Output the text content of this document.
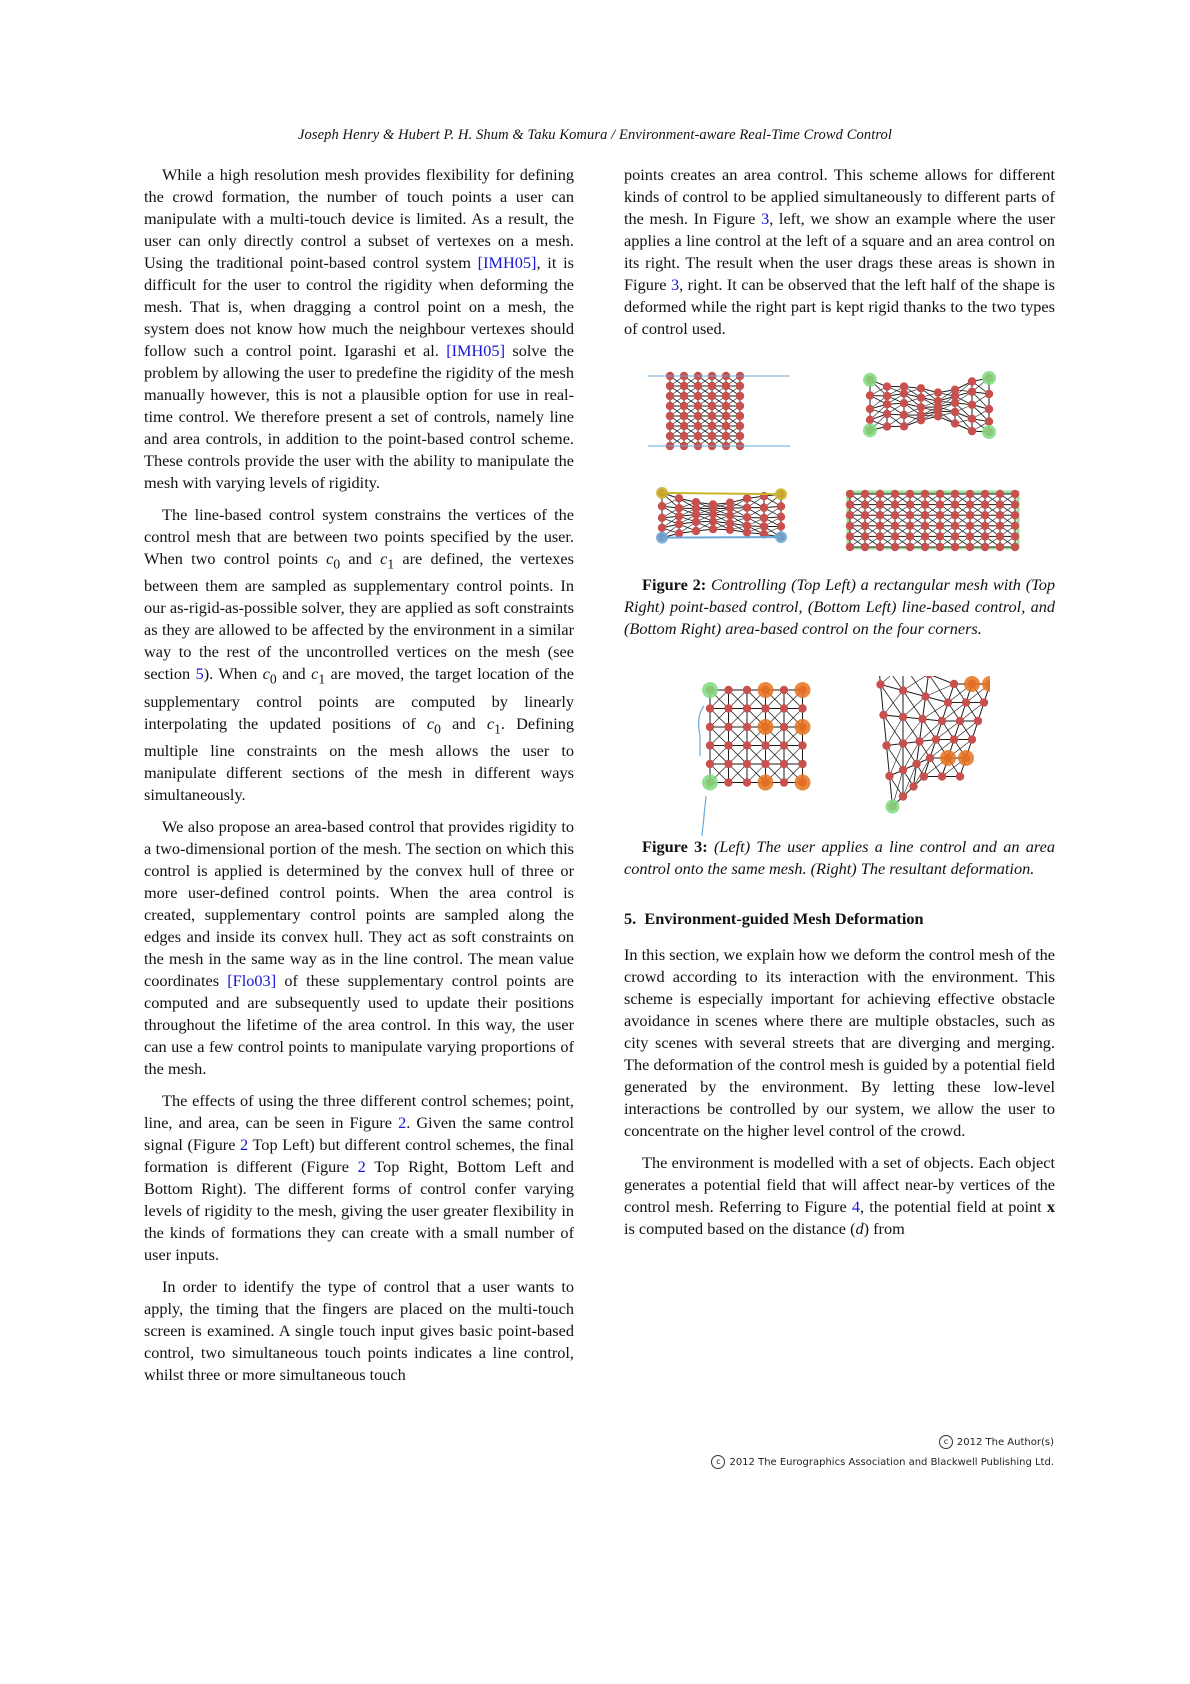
Joseph Henry & Hubert P. H. Shum & Taku Komura / Environment-aware Real-Time Crowd Control

While a high resolution mesh provides flexibility for defining the crowd formation, the number of touch points a user can manipulate with a multi-touch device is limited. As a result, the user can only directly control a subset of vertexes on a mesh. Using the traditional point-based control system [IMH05], it is difficult for the user to control the rigidity when deforming the mesh. That is, when dragging a control point on a mesh, the system does not know how much the neighbour vertexes should follow such a control point. Igarashi et al. [IMH05] solve the problem by allowing the user to predefine the rigidity of the mesh manually however, this is not a plausible option for use in real-time control. We therefore present a set of controls, namely line and area controls, in addition to the point-based control scheme. These controls provide the user with the ability to manipulate the mesh with varying levels of rigidity.

The line-based control system constrains the vertices of the control mesh that are between two points specified by the user. When two control points $c_0$ and $c_1$ are defined, the vertexes between them are sampled as supplementary control points. In our as-rigid-as-possible solver, they are applied as soft constraints as they are allowed to be affected by the environment in a similar way to the rest of the uncontrolled vertices on the mesh (see section 5). When $c_0$ and $c_1$ are moved, the target location of the supplementary control points are computed by linearly interpolating the updated positions of $c_0$ and $c_1$. Defining multiple line constraints on the mesh allows the user to manipulate different sections of the mesh in different ways simultaneously.

We also propose an area-based control that provides rigidity to a two-dimensional portion of the mesh. The section on which this control is applied is determined by the convex hull of three or more user-defined control points. When the area control is created, supplementary control points are sampled along the edges and inside its convex hull. They act as soft constraints on the mesh in the same way as in the line control. The mean value coordinates [Flo03] of these supplementary control points are computed and are subsequently used to update their positions throughout the lifetime of the area control. In this way, the user can use a few control points to manipulate varying proportions of the mesh.

The effects of using the three different control schemes; point, line, and area, can be seen in Figure 2. Given the same control signal (Figure 2 Top Left) but different control schemes, the final formation is different (Figure 2 Top Right, Bottom Left and Bottom Right). The different forms of control confer varying levels of rigidity to the mesh, giving the user greater flexibility in the kinds of formations they can create with a small number of user inputs.

In order to identify the type of control that a user wants to apply, the timing that the fingers are placed on the multi-touch screen is examined. A single touch input gives basic point-based control, two simultaneous touch points indicates a line control, whilst three or more simultaneous touch

points creates an area control. This scheme allows for different kinds of control to be applied simultaneously to different parts of the mesh. In Figure 3, left, we show an example where the user applies a line control at the left of a square and an area control on its right. The result when the user drags these areas is shown in Figure 3, right. It can be observed that the left half of the shape is deformed while the right part is kept rigid thanks to the two types of control used.

Figure 2: Controlling (Top Left) a rectangular mesh with (Top Right) point-based control, (Bottom Left) line-based control, and (Bottom Right) area-based control on the four corners.

Figure 3: (Left) The user applies a line control and an area control onto the same mesh. (Right) The resultant deformation.

5. Environment-guided Mesh Deformation

In this section, we explain how we deform the control mesh of the crowd according to its interaction with the environment. This scheme is especially important for achieving effective obstacle avoidance in scenes where there are multiple obstacles, such as city scenes with several streets that are diverging and merging. The deformation of the control mesh is guided by a potential field generated by the environment. By letting these low-level interactions be controlled by our system, we allow the user to concentrate on the higher level control of the crowd.

The environment is modelled with a set of objects. Each object generates a potential field that will affect near-by vertices of the control mesh. Referring to Figure 4, the potential field at point x is computed based on the distance (d) from

c 2012 The Author(s)
c 2012 The Eurographics Association and Blackwell Publishing Ltd.
